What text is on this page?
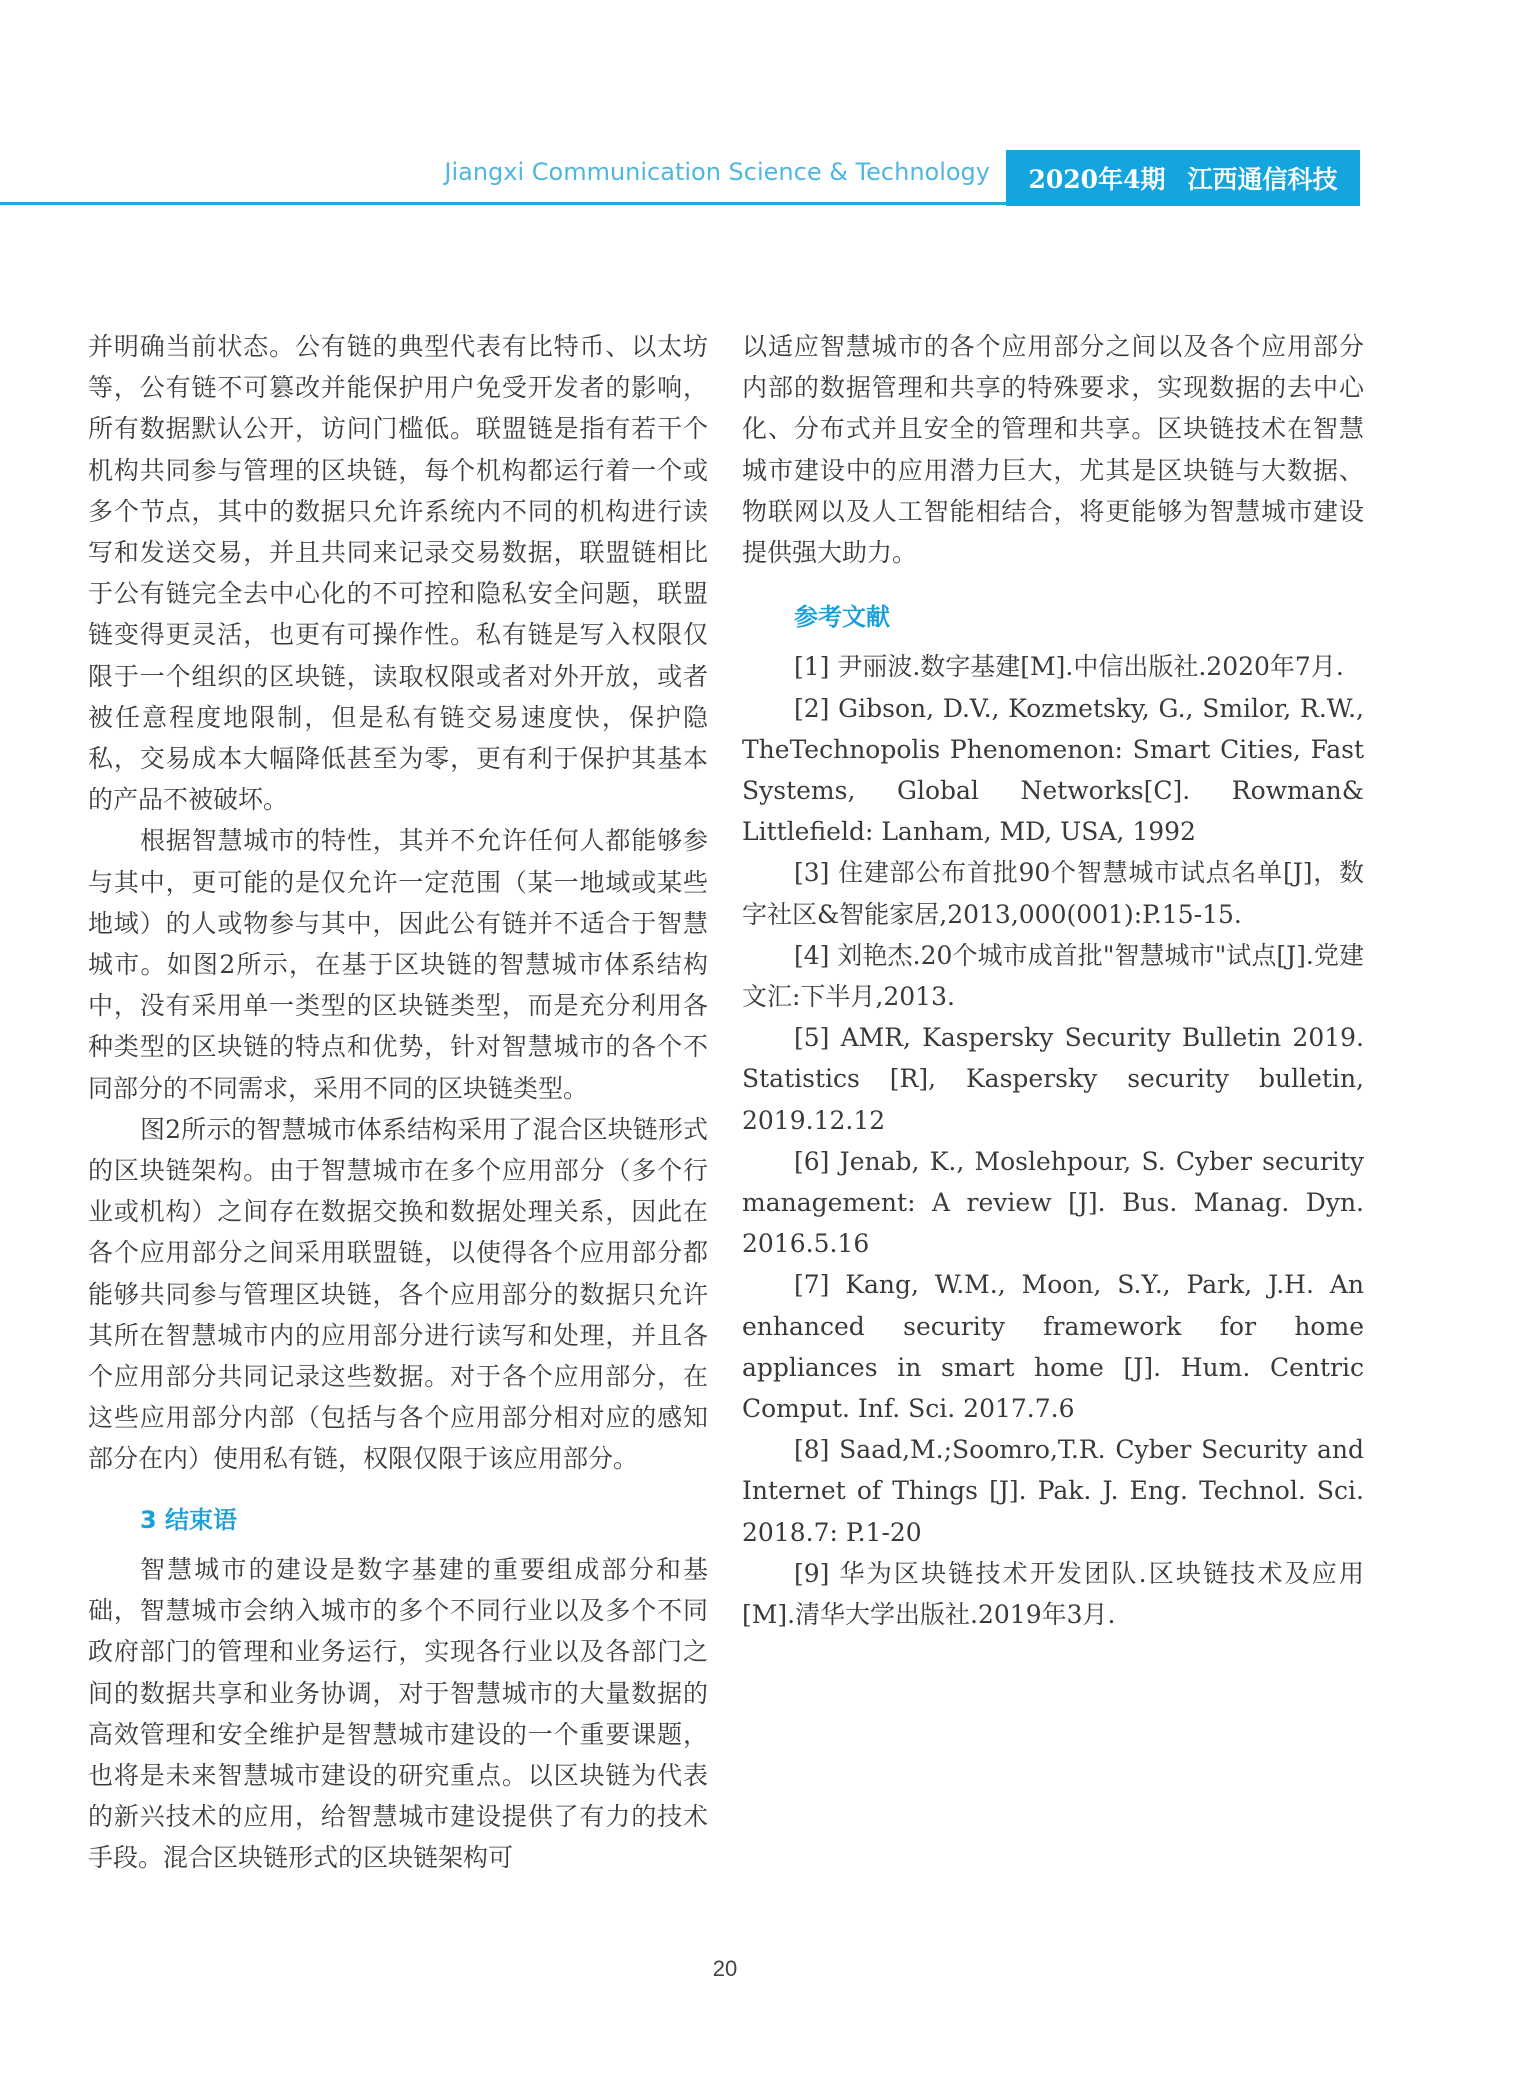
Jiangxi Communication Science & Technology 2020年4期 江西通信科技

并明确当前状态。公有链的典型代表有比特币、以太坊等，公有链不可篡改并能保护用户免受开发者的影响，所有数据默认公开，访问门槛低。联盟链是指有若干个机构共同参与管理的区块链，每个机构都运行着一个或多个节点，其中的数据只允许系统内不同的机构进行读写和发送交易，并且共同来记录交易数据，联盟链相比于公有链完全去中心化的不可控和隐私安全问题，联盟链变得更灵活，也更有可操作性。私有链是写入权限仅限于一个组织的区块链，读取权限或者对外开放，或者被任意程度地限制，但是私有链交易速度快，保护隐私，交易成本大幅降低甚至为零，更有利于保护其基本的产品不被破坏。

根据智慧城市的特性，其并不允许任何人都能够参与其中，更可能的是仅允许一定范围（某一地域或某些地域）的人或物参与其中，因此公有链并不适合于智慧城市。如图2所示，在基于区块链的智慧城市体系结构中，没有采用单一类型的区块链类型，而是充分利用各种类型的区块链的特点和优势，针对智慧城市的各个不同部分的不同需求，采用不同的区块链类型。

图2所示的智慧城市体系结构采用了混合区块链形式的区块链架构。由于智慧城市在多个应用部分（多个行业或机构）之间存在数据交换和数据处理关系，因此在各个应用部分之间采用联盟链，以使得各个应用部分都能够共同参与管理区块链，各个应用部分的数据只允许其所在智慧城市内的应用部分进行读写和处理，并且各个应用部分共同记录这些数据。对于各个应用部分，在这些应用部分内部（包括与各个应用部分相对应的感知部分在内）使用私有链，权限仅限于该应用部分。

3 结束语

智慧城市的建设是数字基建的重要组成部分和基础，智慧城市会纳入城市的多个不同行业以及多个不同政府部门的管理和业务运行，实现各行业以及各部门之间的数据共享和业务协调，对于智慧城市的大量数据的高效管理和安全维护是智慧城市建设的一个重要课题，也将是未来智慧城市建设的研究重点。以区块链为代表的新兴技术的应用，给智慧城市建设提供了有力的技术手段。混合区块链形式的区块链架构可

以适应智慧城市的各个应用部分之间以及各个应用部分内部的数据管理和共享的特殊要求，实现数据的去中心化、分布式并且安全的管理和共享。区块链技术在智慧城市建设中的应用潜力巨大，尤其是区块链与大数据、物联网以及人工智能相结合，将更能够为智慧城市建设提供强大助力。

参考文献

[1] 尹丽波.数字基建[M].中信出版社.2020年7月.

[2] Gibson, D.V., Kozmetsky, G., Smilor, R.W., TheTechnopolis Phenomenon: Smart Cities, Fast Systems, Global Networks[C]. Rowman& Littlefield: Lanham, MD, USA, 1992

[3] 住建部公布首批90个智慧城市试点名单[J]，数字社区&智能家居,2013,000(001):P.15-15.

[4] 刘艳杰.20个城市成首批"智慧城市"试点[J].党建文汇:下半月,2013.

[5] AMR, Kaspersky Security Bulletin 2019. Statistics [R], Kaspersky security bulletin, 2019.12.12

[6] Jenab, K., Moslehpour, S. Cyber security management: A review [J]. Bus. Manag. Dyn. 2016.5.16

[7] Kang, W.M., Moon, S.Y., Park, J.H. An enhanced security framework for home appliances in smart home [J]. Hum. Centric Comput. Inf. Sci. 2017.7.6

[8] Saad,M.;Soomro,T.R. Cyber Security and Internet of Things [J]. Pak. J. Eng. Technol. Sci. 2018.7: P.1-20

[9] 华为区块链技术开发团队.区块链技术及应用[M].清华大学出版社.2019年3月.

20
